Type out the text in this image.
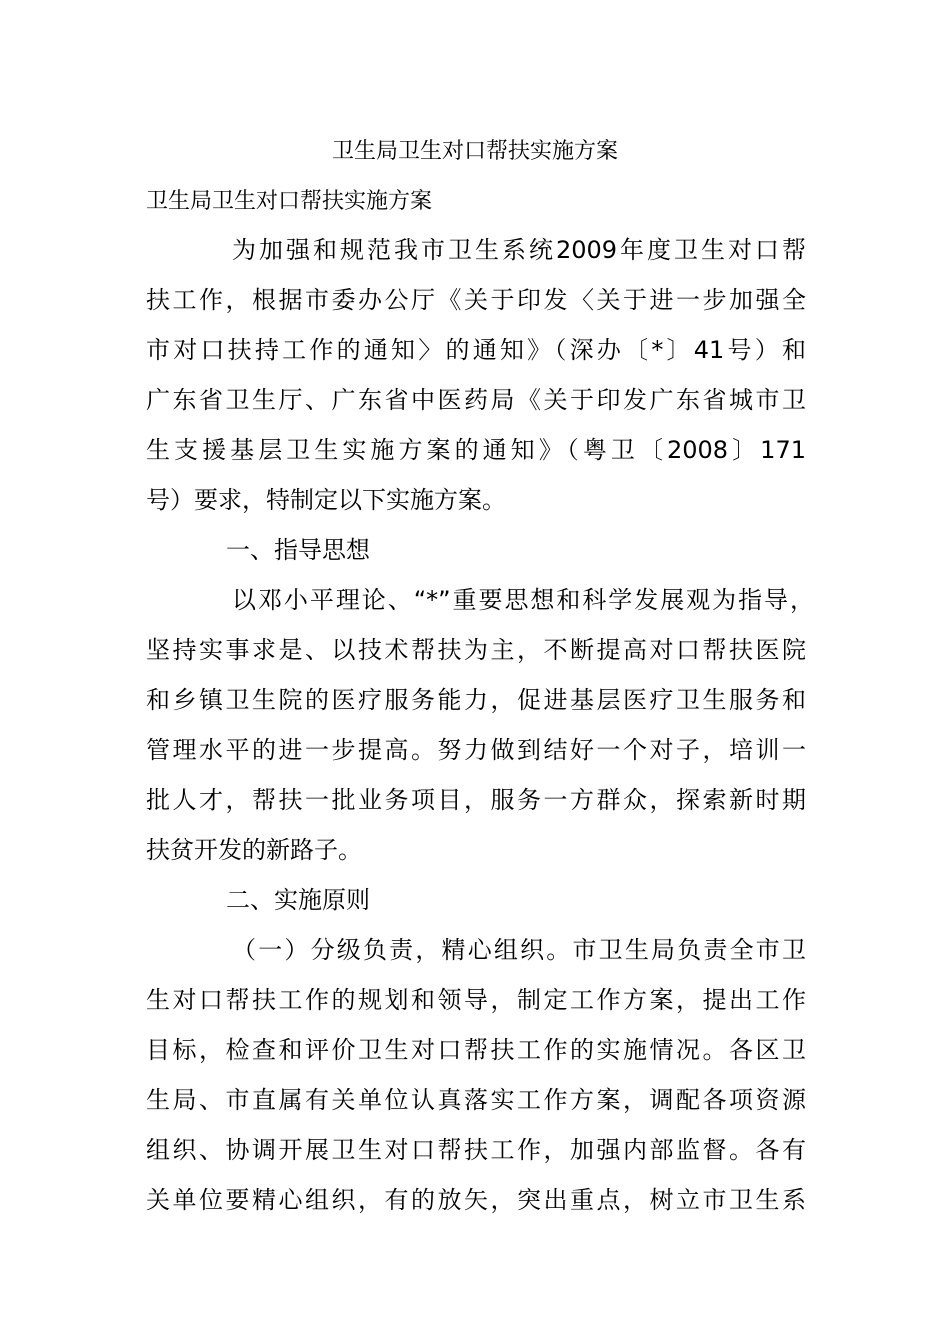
卫生局卫生对口帮扶实施方案
卫生局卫生对口帮扶实施方案

为加强和规范我市卫生系统2009年度卫生对口帮

扶工作，根据市委办公厅《关于印发〈关于进一步加强全

市对口扶持工作的通知〉的通知》（深办〔*〕41号）和

广东省卫生厅、广东省中医药局《关于印发广东省城市卫

生支援基层卫生实施方案的通知》（粤卫〔2008〕171

号）要求，特制定以下实施方案。

一、指导思想

以邓小平理论、“*”重要思想和科学发展观为指导，

坚持实事求是、以技术帮扶为主，不断提高对口帮扶医院

和乡镇卫生院的医疗服务能力，促进基层医疗卫生服务和

管理水平的进一步提高。努力做到结好一个对子，培训一

批人才，帮扶一批业务项目，服务一方群众，探索新时期

扶贫开发的新路子。

二、实施原则

（一）分级负责，精心组织。市卫生局负责全市卫

生对口帮扶工作的规划和领导，制定工作方案，提出工作

目标，检查和评价卫生对口帮扶工作的实施情况。各区卫

生局、市直属有关单位认真落实工作方案，调配各项资源

组织、协调开展卫生对口帮扶工作，加强内部监督。各有

关单位要精心组织，有的放矢，突出重点，树立市卫生系
